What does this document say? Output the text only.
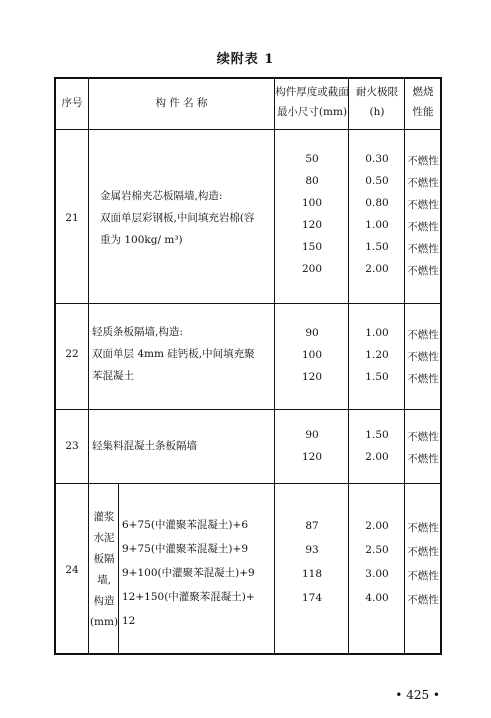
续附表 1
序号	构 件 名 称
构件厚度或截面
最小尺寸(mm)
耐火极限
(h)
燃烧
性能
21
金属岩棉夹芯板隔墙,构造:
双面单层彩钢板,中间填充岩棉(容
重为 100kg/ m³)
50
80
100
120
150
200
0.30
0.50
0.80
1.00
1.50
2.00
不燃性
不燃性
不燃性
不燃性
不燃性
不燃性
22
轻质条板隔墙,构造:
双面单层 4mm 硅钙板,中间填充聚
苯混凝土
90
100
120
1.00
1.20
1.50
不燃性
不燃性
不燃性
23	轻集料混凝土条板隔墙
90
120
1.50
2.00
不燃性
不燃性
24
灌浆
水泥
板隔
墙,
构造
(mm)
6+75(中灌聚苯混凝土)+6
9+75(中灌聚苯混凝土)+9
9+100(中灌聚苯混凝土)+9
12+150(中灌聚苯混凝土)+
12
87
93
118
174
2.00
2.50
3.00
4.00
不燃性
不燃性
不燃性
不燃性
• 425 •
